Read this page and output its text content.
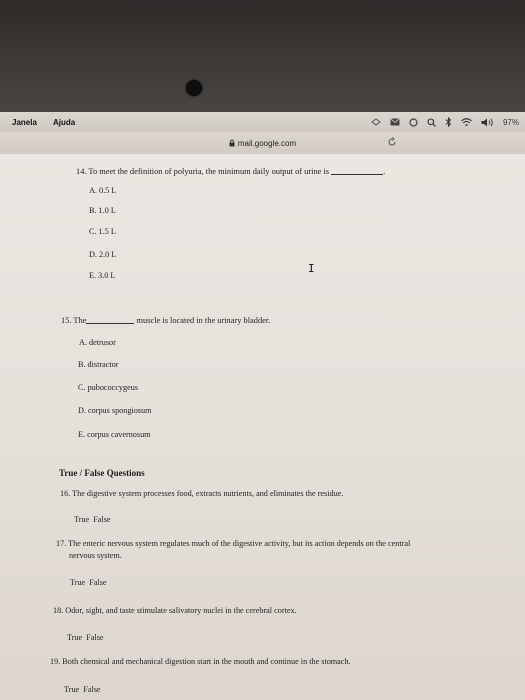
Janela Ajuda	97%
mail.google.com
14. To meet the definition of polyuria, the minimum daily output of urine is	.
A. 0.5 L
B. 1.0 L
C. 1.5 L
D. 2.0 L
E. 3.0 L
15. The	muscle is located in the urinary bladder.
A. detrusor
B. distractor
C. pubococcygeus
D. corpus spongiosum
E. corpus cavernosum
True / False Questions
16. The digestive system processes food, extracts nutrients, and eliminates the residue.
True False
17. The enteric nervous system regulates much of the digestive activity, but its action depends on the central
nervous system.
True False
18. Odor, sight, and taste stimulate salivatory nuclei in the cerebral cortex.
True False
19. Both chemical and mechanical digestion start in the mouth and continue in the stomach.
True False
I
